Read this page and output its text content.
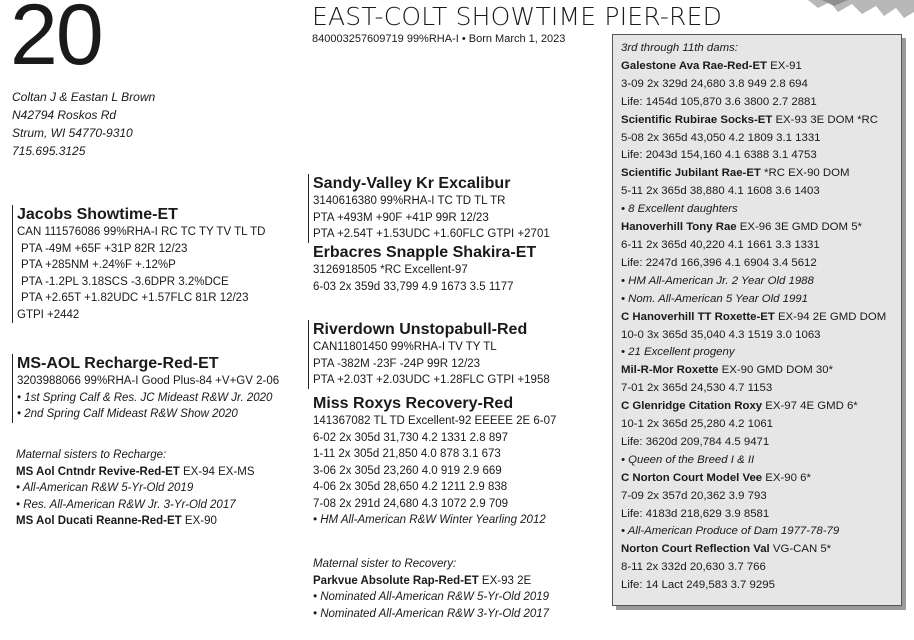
20
Coltan J & Eastan L Brown
N42794 Roskos Rd
Strum, WI 54770-9310
715.695.3125
EAST-COLT SHOWTIME PIER-RED
840003257609719 99%RHA-I • Born March 1, 2023
Jacobs Showtime-ET
CAN 111576086 99%RHA-I RC TC TY TV TL TD
PTA -49M +65F +31P 82R 12/23
PTA +285NM +.24%F +.12%P
PTA -1.2PL 3.18SCS -3.6DPR 3.2%DCE
PTA +2.65T +1.82UDC +1.57FLC 81R 12/23
GTPI +2442
MS-AOL Recharge-Red-ET
3203988066 99%RHA-I Good Plus-84 +V+GV 2-06
• 1st Spring Calf & Res. JC Mideast R&W Jr. 2020
• 2nd Spring Calf Mideast R&W Show 2020
Maternal sisters to Recharge:
MS Aol Cntndr Revive-Red-ET EX-94 EX-MS
• All-American R&W 5-Yr-Old 2019
• Res. All-American R&W Jr. 3-Yr-Old 2017
MS Aol Ducati Reanne-Red-ET EX-90
Sandy-Valley Kr Excalibur
3140616380 99%RHA-I TC TD TL TR
PTA +493M +90F +41P 99R 12/23
PTA +2.54T +1.53UDC +1.60FLC GTPI +2701
Erbacres Snapple Shakira-ET
3126918505 *RC Excellent-97
6-03 2x 359d 33,799 4.9 1673 3.5 1177
Riverdown Unstopabull-Red
CAN11801450 99%RHA-I TV TY TL
PTA -382M -23F -24P 99R 12/23
PTA +2.03T +2.03UDC +1.28FLC GTPI +1958
Miss Roxys Recovery-Red
141367082 TL TD Excellent-92 EEEEE 2E 6-07
6-02 2x 305d 31,730 4.2 1331 2.8 897
1-11 2x 305d 21,850 4.0 878 3.1 673
3-06 2x 305d 23,260 4.0 919 2.9 669
4-06 2x 305d 28,650 4.2 1211 2.9 838
7-08 2x 291d 24,680 4.3 1072 2.9 709
• HM All-American R&W Winter Yearling 2012
Maternal sister to Recovery:
Parkvue Absolute Rap-Red-ET EX-93 2E
• Nominated All-American R&W 5-Yr-Old 2019
• Nominated All-American R&W 3-Yr-Old 2017
3rd through 11th dams:
Galestone Ava Rae-Red-ET EX-91
3-09 2x 329d 24,680 3.8 949 2.8 694
Life: 1454d 105,870 3.6 3800 2.7 2881
Scientific Rubirae Socks-ET EX-93 3E DOM *RC
5-08 2x 365d 43,050 4.2 1809 3.1 1331
Life: 2043d 154,160 4.1 6388 3.1 4753
Scientific Jubilant Rae-ET *RC EX-90 DOM
5-11 2x 365d 38,880 4.1 1608 3.6 1403
• 8 Excellent daughters
Hanoverhill Tony Rae EX-96 3E GMD DOM 5*
6-11 2x 365d 40,220 4.1 1661 3.3 1331
Life: 2247d 166,396 4.1 6904 3.4 5612
• HM All-American Jr. 2 Year Old 1988
• Nom. All-American 5 Year Old 1991
C Hanoverhill TT Roxette-ET EX-94 2E GMD DOM
10-0 3x 365d 35,040 4.3 1519 3.0 1063
• 21 Excellent progeny
Mil-R-Mor Roxette EX-90 GMD DOM 30*
7-01 2x 365d 24,530 4.7 1153
C Glenridge Citation Roxy EX-97 4E GMD 6*
10-1 2x 365d 25,280 4.2 1061
Life: 3620d 209,784 4.5 9471
• Queen of the Breed I & II
C Norton Court Model Vee EX-90 6*
7-09 2x 357d 20,362 3.9 793
Life: 4183d 218,629 3.9 8581
• All-American Produce of Dam 1977-78-79
Norton Court Reflection Val VG-CAN 5*
8-11 2x 332d 20,630 3.7 766
Life: 14 Lact 249,583 3.7 9295
